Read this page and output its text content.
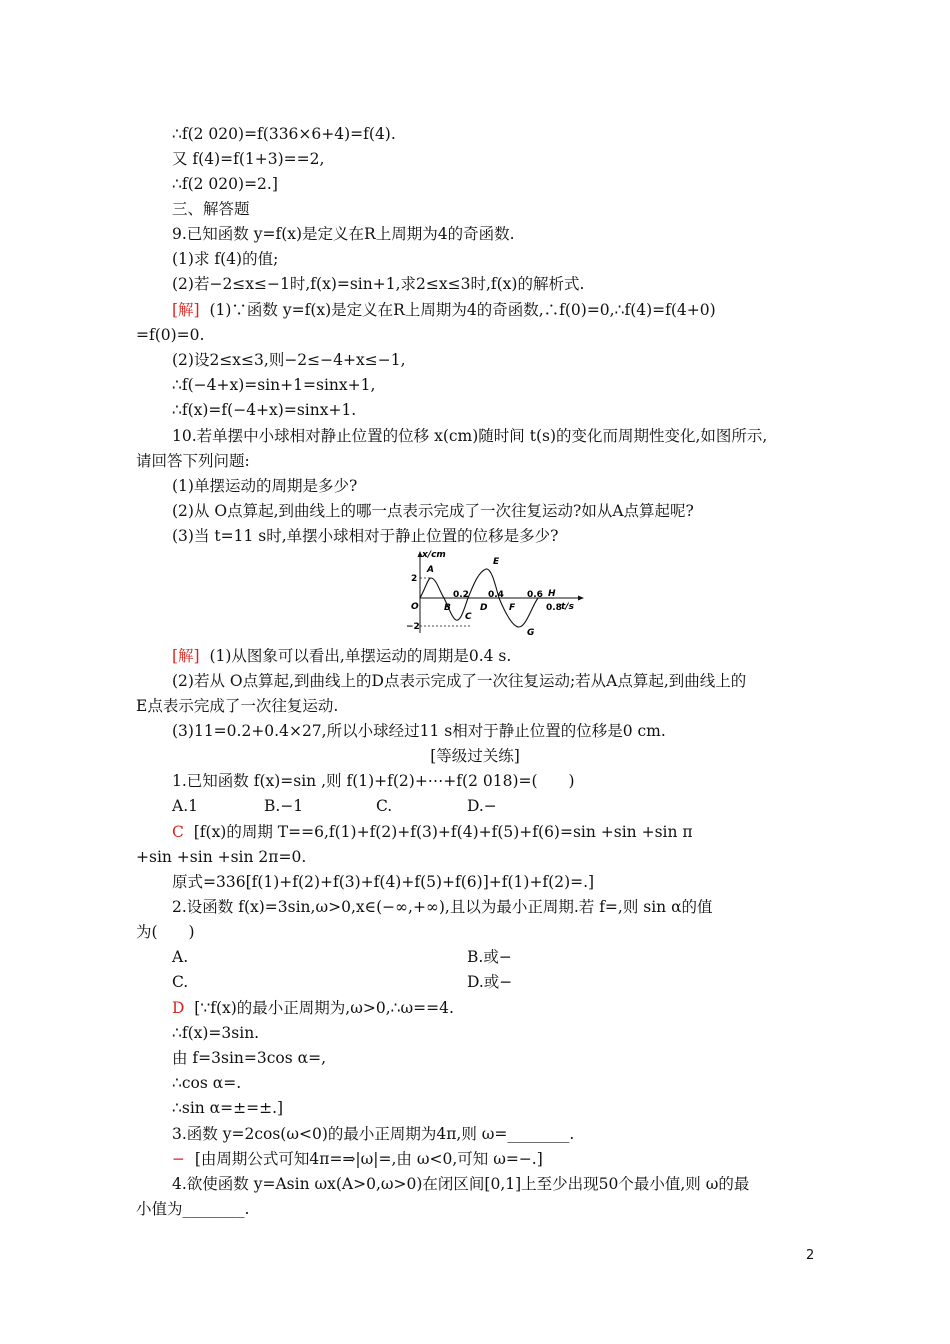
∴f(2 020)=f(336×6+4)=f(4).
又 f(4)=f(1+3)==2,
∴f(2 020)=2.]
三、解答题
9.已知函数 y=f(x)是定义在R上周期为4的奇函数.
(1)求 f(4)的值;
(2)若−2≤x≤−1时,f(x)=sin+1,求2≤x≤3时,f(x)的解析式.
[解] (1)∵函数 y=f(x)是定义在R上周期为4的奇函数,∴f(0)=0,∴f(4)=f(4+0)
=f(0)=0.
(2)设2≤x≤3,则−2≤−4+x≤−1,
∴f(−4+x)=sin+1=sinx+1,
∴f(x)=f(−4+x)=sinx+1.
10.若单摆中小球相对静止位置的位移 x(cm)随时间 t(s)的变化而周期性变化,如图所示,
请回答下列问题:
(1)单摆运动的周期是多少?
(2)从 O点算起,到曲线上的哪一点表示完成了一次往复运动?如从A点算起呢?
(3)当 t=11 s时,单摆小球相对于静止位置的位移是多少?
x/cm
t/s
2
−2
O
0.2 0.4	0.6
0.8
A
B
C
D
E
F
G
H
[解] (1)从图象可以看出,单摆运动的周期是0.4 s.
(2)若从 O点算起,到曲线上的D点表示完成了一次往复运动;若从A点算起,到曲线上的
E点表示完成了一次往复运动.
(3)11=0.2+0.4×27,所以小球经过11 s相对于静止位置的位移是0 cm.
[等级过关练]
1.已知函数 f(x)=sin ,则 f(1)+f(2)+⋯+f(2 018)=(　　)
A.1	B.−1	C.	D.−
C [f(x)的周期 T==6,f(1)+f(2)+f(3)+f(4)+f(5)+f(6)=sin +sin +sin π
+sin +sin +sin 2π=0.
原式=336[f(1)+f(2)+f(3)+f(4)+f(5)+f(6)]+f(1)+f(2)=.]
2.设函数 f(x)=3sin,ω>0,x∈(−∞,+∞),且以为最小正周期.若 f=,则 sin α的值
为(　　)
A.	B.或−
C.	D.或−
D [∵f(x)的最小正周期为,ω>0,∴ω==4.
∴f(x)=3sin.
由 f=3sin=3cos α=,
∴cos α=.
∴sin α=±=±.]
3.函数 y=2cos(ω<0)的最小正周期为4π,则 ω=________.
− [由周期公式可知4π=⇒|ω|=,由 ω<0,可知 ω=−.]
4.欲使函数 y=Asin ωx(A>0,ω>0)在闭区间[0,1]上至少出现50个最小值,则 ω的最
小值为________.
2
